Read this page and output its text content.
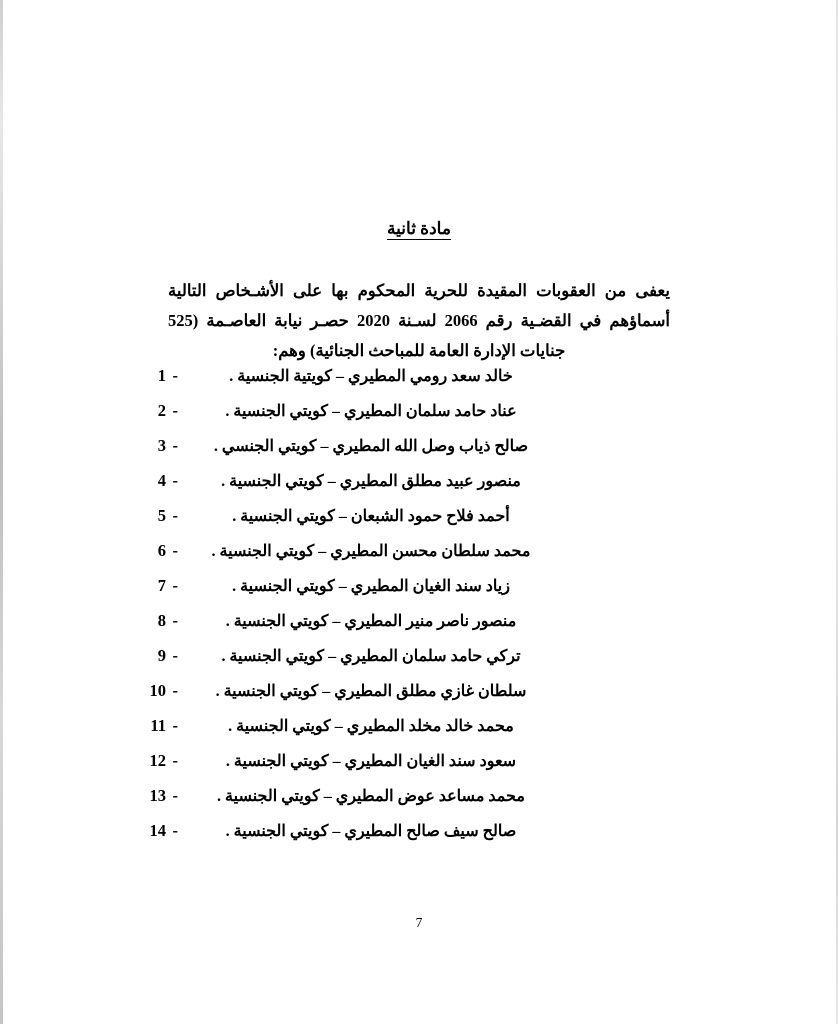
مادة ثانية

يعفى من العقوبات المقيدة للحرية المحكوم بها على الأشـخاص التالية أسماؤهم في القضـية رقم 2066 لسـنة 2020 حصـر نيابة العاصـمة (525 جنايات الإدارة العامة للمباحث الجنائية) وهم:

1 -	خالد سعد رومي المطيري – كويتية الجنسية .
2 -	عناد حامد سلمان المطيري – كويتي الجنسية .
3 -	صالح ذياب وصل الله المطيري – كويتي الجنسي .
4 -	منصور عبيد مطلق المطيري – كويتي الجنسية .
5 -	أحمد فلاح حمود الشبعان – كويتي الجنسية .
6 -	محمد سلطان محسن المطيري – كويتي الجنسية .
7 -	زياد سند الغيان المطيري – كويتي الجنسية .
8 -	منصور ناصر منير المطيري – كويتي الجنسية .
9 -	تركي حامد سلمان المطيري – كويتي الجنسية .
10 -	سلطان غازي مطلق المطيري – كويتي الجنسية .
11 -	محمد خالد مخلد المطيري – كويتي الجنسية .
12 -	سعود سند الغيان المطيري – كويتي الجنسية .
13 -	محمد مساعد عوض المطيري – كويتي الجنسية .
14 -	صالح سيف صالح المطيري – كويتي الجنسية .
7
